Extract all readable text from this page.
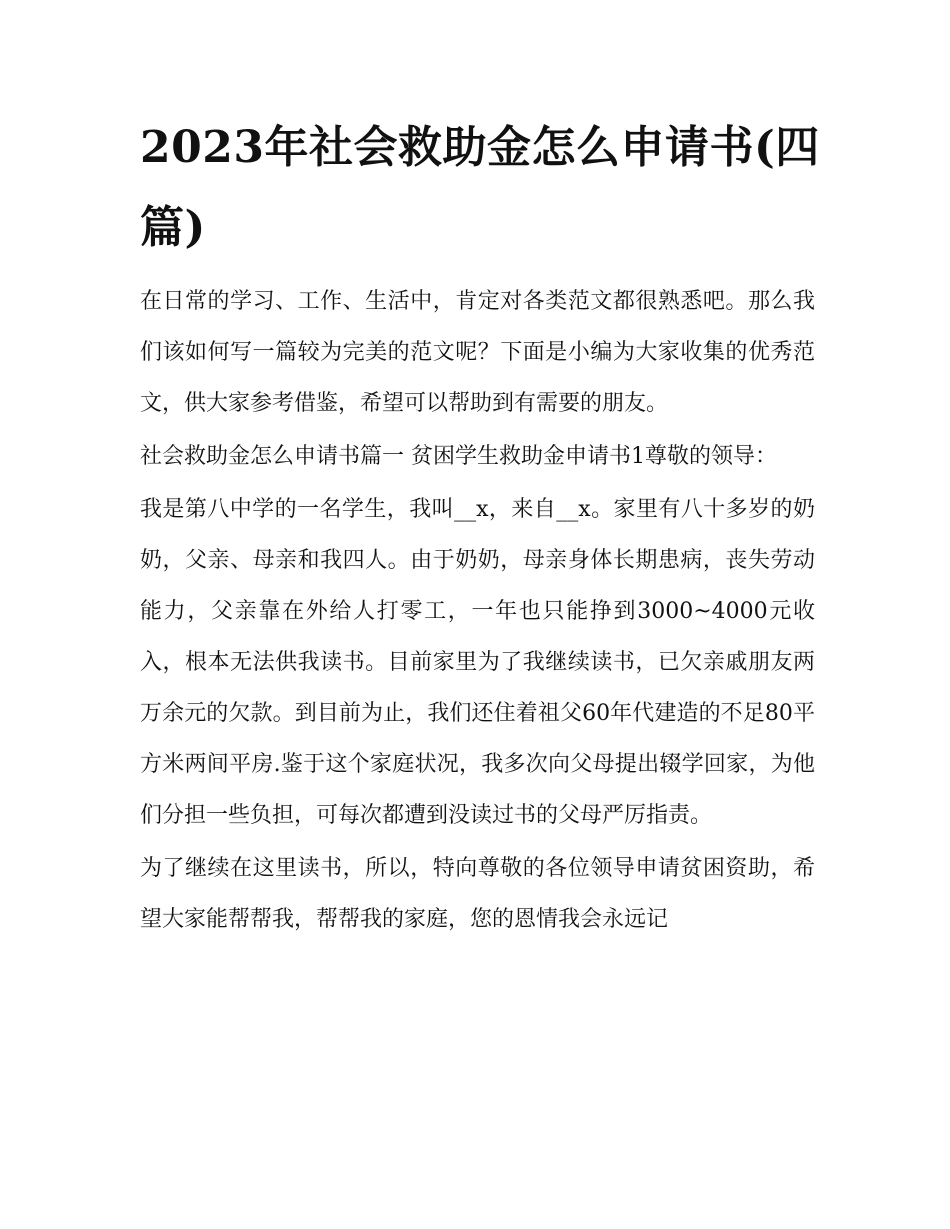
2023年社会救助金怎么申请书(四篇)

在日常的学习、工作、生活中，肯定对各类范文都很熟悉吧。那么我们该如何写一篇较为完美的范文呢？下面是小编为大家收集的优秀范文，供大家参考借鉴，希望可以帮助到有需要的朋友。

社会救助金怎么申请书篇一 贫困学生救助金申请书1尊敬的领导：

我是第八中学的一名学生，我叫__x，来自__x。家里有八十多岁的奶奶，父亲、母亲和我四人。由于奶奶，母亲身体长期患病，丧失劳动能力，父亲靠在外给人打零工，一年也只能挣到3000~4000元收入，根本无法供我读书。目前家里为了我继续读书，已欠亲戚朋友两万余元的欠款。到目前为止，我们还住着祖父60年代建造的不足80平方米两间平房.鉴于这个家庭状况，我多次向父母提出辍学回家，为他们分担一些负担，可每次都遭到没读过书的父母严厉指责。

为了继续在这里读书，所以，特向尊敬的各位领导申请贫困资助，希望大家能帮帮我，帮帮我的家庭，您的恩情我会永远记
